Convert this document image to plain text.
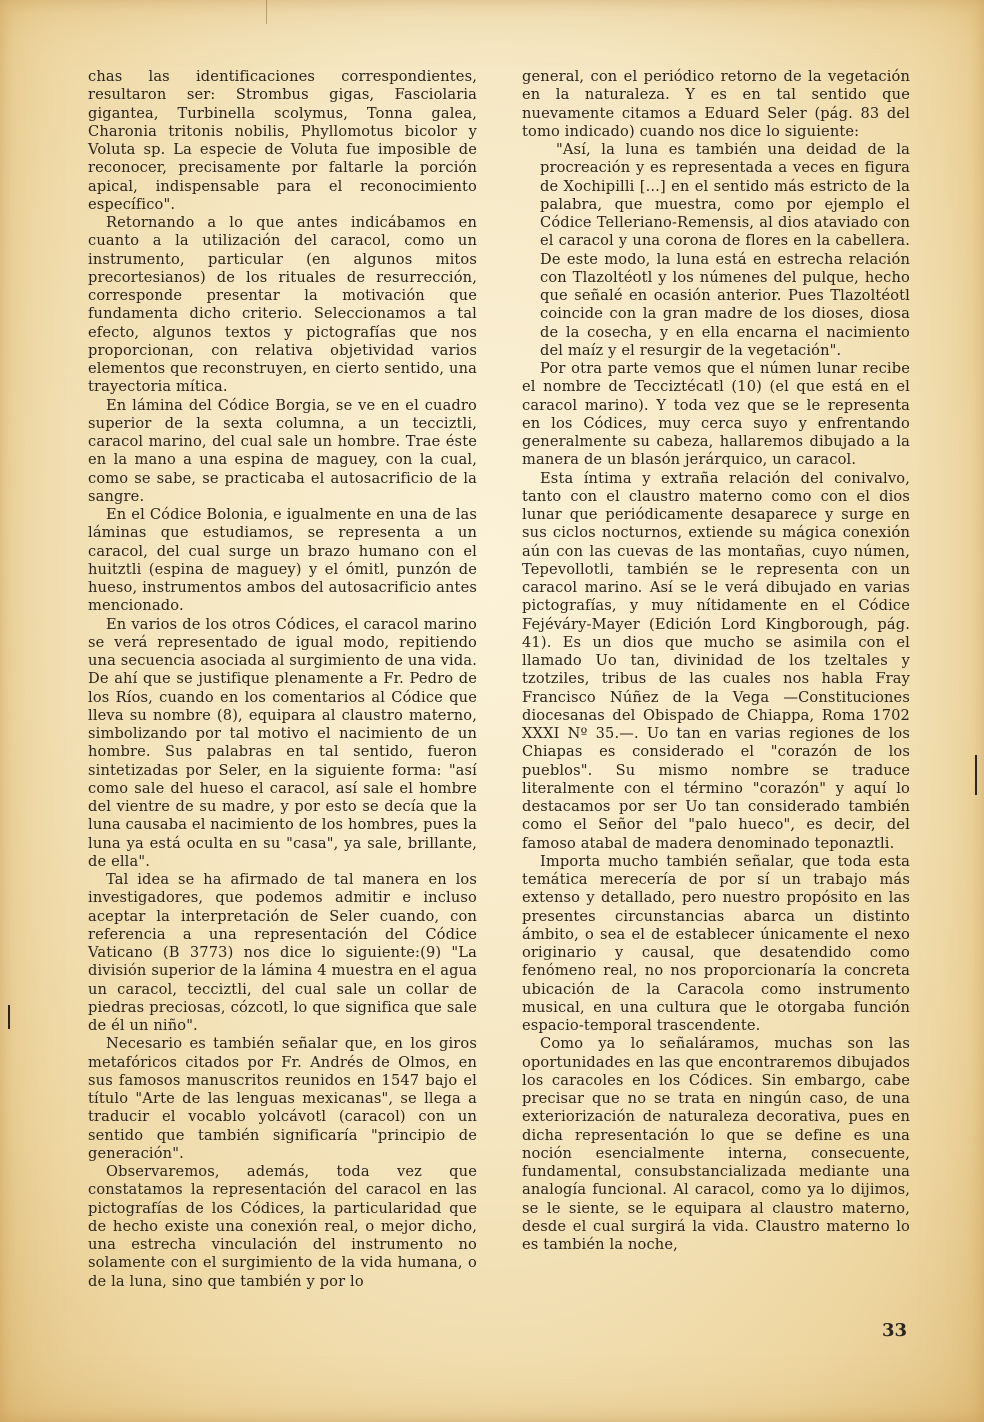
chas las identificaciones correspondientes, resultaron ser: Strombus gigas, Fasciolaria gigantea, Turbinella scolymus, Tonna galea, Charonia tritonis nobilis, Phyllomotus bicolor y Voluta sp. La especie de Voluta fue imposible de reconocer, precisamente por faltarle la porción apical, indispensable para el reconocimiento específico".

Retornando a lo que antes indicábamos en cuanto a la utilización del caracol, como un instrumento, particular (en algunos mitos precortesianos) de los rituales de resurrección, corresponde presentar la motivación que fundamenta dicho criterio. Seleccionamos a tal efecto, algunos textos y pictografías que nos proporcionan, con relativa objetividad varios elementos que reconstruyen, en cierto sentido, una trayectoria mítica.

En lámina del Códice Borgia, se ve en el cuadro superior de la sexta columna, a un tecciztli, caracol marino, del cual sale un hombre. Trae éste en la mano a una espina de maguey, con la cual, como se sabe, se practicaba el autosacrificio de la sangre.

En el Códice Bolonia, e igualmente en una de las láminas que estudiamos, se representa a un caracol, del cual surge un brazo humano con el huitztli (espina de maguey) y el ómitl, punzón de hueso, instrumentos ambos del autosacrificio antes mencionado.

En varios de los otros Códices, el caracol marino se verá representado de igual modo, repitiendo una secuencia asociada al surgimiento de una vida. De ahí que se justifique plenamente a Fr. Pedro de los Ríos, cuando en los comentarios al Códice que lleva su nombre (8), equipara al claustro materno, simbolizando por tal motivo el nacimiento de un hombre. Sus palabras en tal sentido, fueron sintetizadas por Seler, en la siguiente forma: "así como sale del hueso el caracol, así sale el hombre del vientre de su madre, y por esto se decía que la luna causaba el nacimiento de los hombres, pues la luna ya está oculta en su "casa", ya sale, brillante, de ella".

Tal idea se ha afirmado de tal manera en los investigadores, que podemos admitir e incluso aceptar la interpretación de Seler cuando, con referencia a una representación del Códice Vaticano (B 3773) nos dice lo siguiente:(9) "La división superior de la lámina 4 muestra en el agua un caracol, tecciztli, del cual sale un collar de piedras preciosas, cózcotl, lo que significa que sale de él un niño".

Necesario es también señalar que, en los giros metafóricos citados por Fr. Andrés de Olmos, en sus famosos manuscritos reunidos en 1547 bajo el título "Arte de las lenguas mexicanas", se llega a traducir el vocablo yolcávotl (caracol) con un sentido que también significaría "principio de generación".

Observaremos, además, toda vez que constatamos la representación del caracol en las pictografías de los Códices, la particularidad que de hecho existe una conexión real, o mejor dicho, una estrecha vinculación del instrumento no solamente con el surgimiento de la vida humana, o de la luna, sino que también y por lo

general, con el periódico retorno de la vegetación en la naturaleza. Y es en tal sentido que nuevamente citamos a Eduard Seler (pág. 83 del tomo indicado) cuando nos dice lo siguiente:

"Así, la luna es también una deidad de la procreación y es representada a veces en figura de Xochipilli [...] en el sentido más estricto de la palabra, que muestra, como por ejemplo el Códice Telleriano-Remensis, al dios ataviado con el caracol y una corona de flores en la cabellera. De este modo, la luna está en estrecha relación con Tlazoltéotl y los númenes del pulque, hecho que señalé en ocasión anterior. Pues Tlazoltéotl coincide con la gran madre de los dioses, diosa de la cosecha, y en ella encarna el nacimiento del maíz y el resurgir de la vegetación".

Por otra parte vemos que el númen lunar recibe el nombre de Tecciztécatl (10) (el que está en el caracol marino). Y toda vez que se le representa en los Códices, muy cerca suyo y enfrentando generalmente su cabeza, hallaremos dibujado a la manera de un blasón jerárquico, un caracol.

Esta íntima y extraña relación del conivalvo, tanto con el claustro materno como con el dios lunar que periódicamente desaparece y surge en sus ciclos nocturnos, extiende su mágica conexión aún con las cuevas de las montañas, cuyo númen, Tepevollotli, también se le representa con un caracol marino. Así se le verá dibujado en varias pictografías, y muy nítidamente en el Códice Fejéváry-Mayer (Edición Lord Kingborough, pág. 41). Es un dios que mucho se asimila con el llamado Uo tan, divinidad de los tzeltales y tzotziles, tribus de las cuales nos habla Fray Francisco Núñez de la Vega —Constituciones diocesanas del Obispado de Chiappa, Roma 1702 XXXI Nº 35.—. Uo tan en varias regiones de los Chiapas es considerado el "corazón de los pueblos". Su mismo nombre se traduce literalmente con el término "corazón" y aquí lo destacamos por ser Uo tan considerado también como el Señor del "palo hueco", es decir, del famoso atabal de madera denominado teponaztli.

Importa mucho también señalar, que toda esta temática merecería de por sí un trabajo más extenso y detallado, pero nuestro propósito en las presentes circunstancias abarca un distinto ámbito, o sea el de establecer únicamente el nexo originario y causal, que desatendido como fenómeno real, no nos proporcionaría la concreta ubicación de la Caracola como instrumento musical, en una cultura que le otorgaba función espacio-temporal trascendente.

Como ya lo señaláramos, muchas son las oportunidades en las que encontraremos dibujados los caracoles en los Códices. Sin embargo, cabe precisar que no se trata en ningún caso, de una exteriorización de naturaleza decorativa, pues en dicha representación lo que se define es una noción esencialmente interna, consecuente, fundamental, consubstancializada mediante una analogía funcional. Al caracol, como ya lo dijimos, se le siente, se le equipara al claustro materno, desde el cual surgirá la vida. Claustro materno lo es también la noche,

33
